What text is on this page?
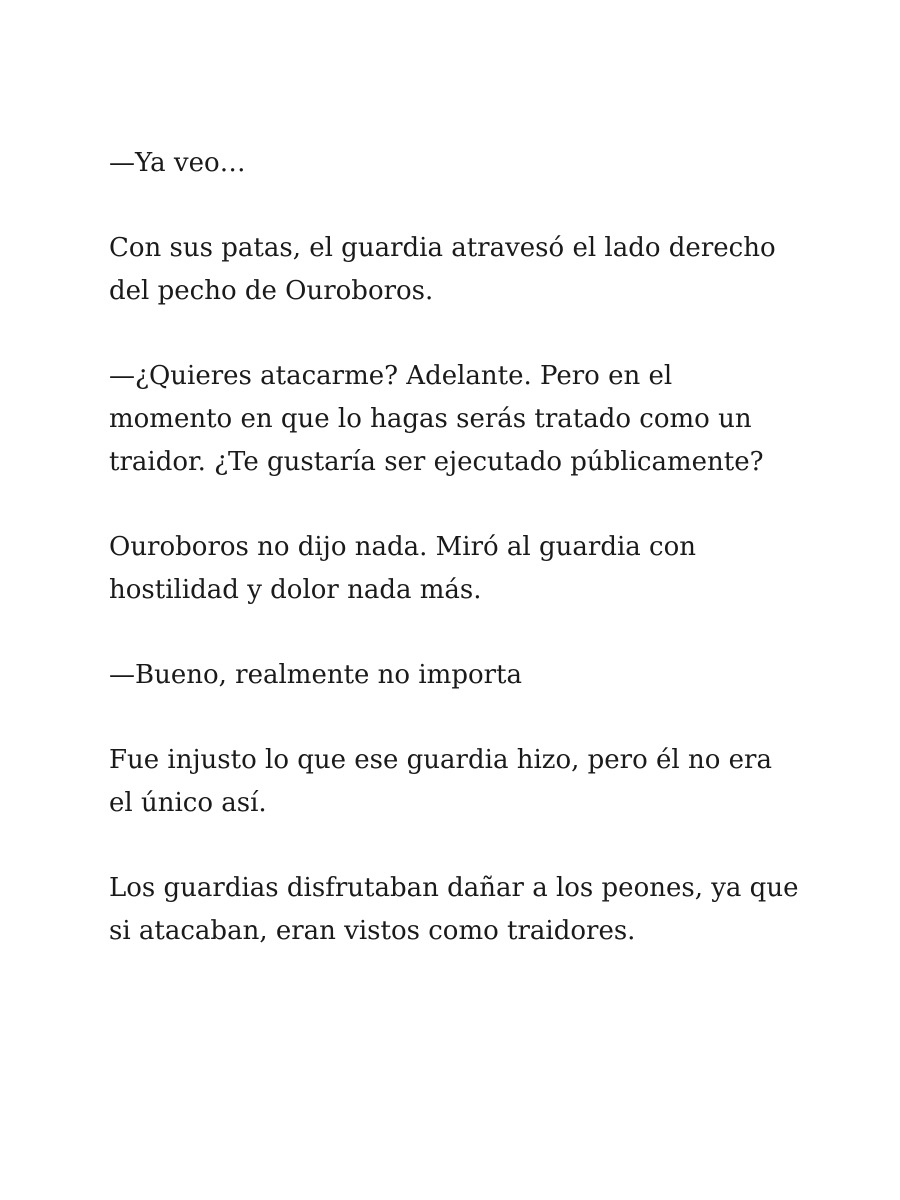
—Ya veo…

Con sus patas, el guardia atravesó el lado derecho del pecho de Ouroboros.

—¿Quieres atacarme? Adelante. Pero en el momento en que lo hagas serás tratado como un traidor. ¿Te gustaría ser ejecutado públicamente?

Ouroboros no dijo nada. Miró al guardia con hostilidad y dolor nada más.

—Bueno, realmente no importa

Fue injusto lo que ese guardia hizo, pero él no era el único así.

Los guardias disfrutaban dañar a los peones, ya que si atacaban, eran vistos como traidores.
